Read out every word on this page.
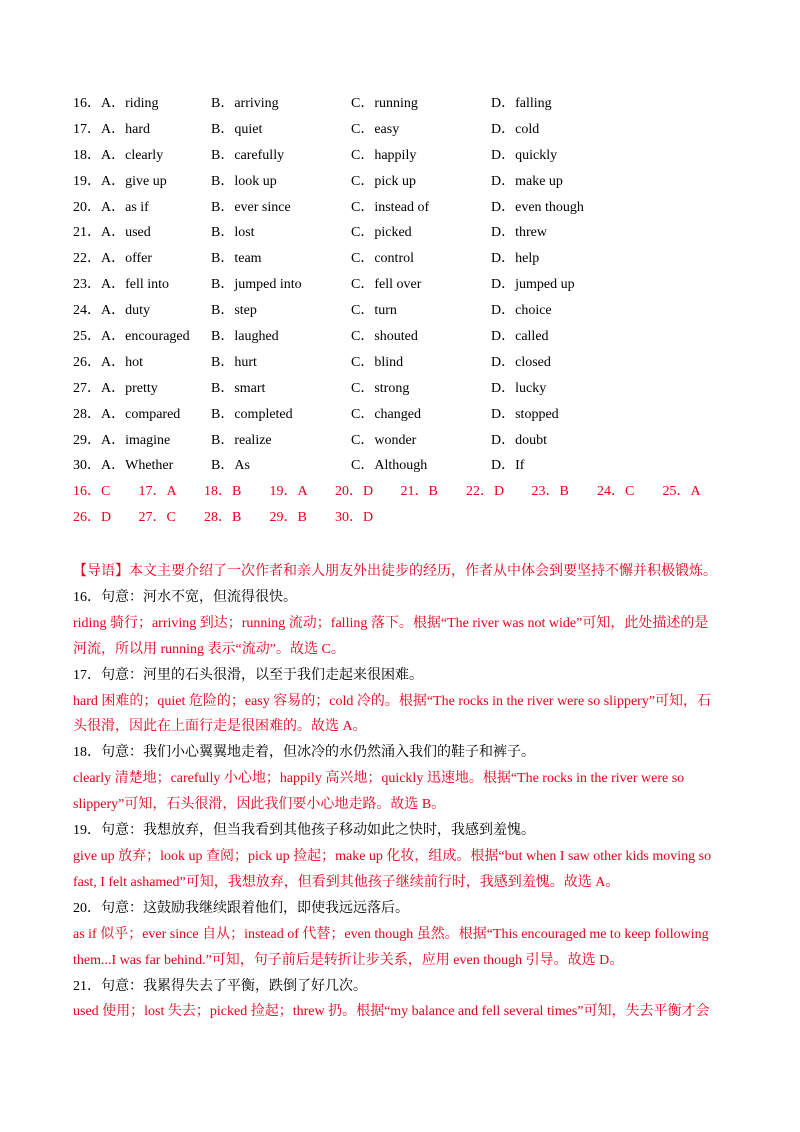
16．A．riding	B．arriving	C．running	D．falling
17．A．hard	B．quiet	C．easy	D．cold
18．A．clearly	B．carefully	C．happily	D．quickly
19．A．give up	B．look up	C．pick up	D．make up
20．A．as if	B．ever since	C．instead of	D．even though
21．A．used	B．lost	C．picked	D．threw
22．A．offer	B．team	C．control	D．help
23．A．fell into	B．jumped into	C．fell over	D．jumped up
24．A．duty	B．step	C．turn	D．choice
25．A．encouraged B．laughed	C．shouted	D．called
26．A．hot	B．hurt	C．blind	D．closed
27．A．pretty	B．smart	C．strong	D．lucky
28．A．compared B．completed	C．changed	D．stopped
29．A．imagine	B．realize	C．wonder	D．doubt
30．A．Whether	B．As	C．Although	D．If
16．C 17．A 18．B 19．A 20．D 21．B 22．D 23．B 24．C 25．A
26．D 27．C 28．B 29．B 30．D

【导语】本文主要介绍了一次作者和亲人朋友外出徒步的经历，作者从中体会到要坚持不懈并积极锻炼。

16．句意：河水不宽，但流得很快。

riding 骑行；arriving 到达；running 流动；falling 落下。根据“The river was not wide”可知，此处描述的是

河流，所以用 running 表示“流动”。故选 C。

17．句意：河里的石头很滑，以至于我们走起来很困难。

hard 困难的；quiet 危险的；easy 容易的；cold 冷的。根据“The rocks in the river were so slippery”可知，石

头很滑，因此在上面行走是很困难的。故选 A。

18．句意：我们小心翼翼地走着，但冰冷的水仍然涌入我们的鞋子和裤子。

clearly 清楚地；carefully 小心地；happily 高兴地；quickly 迅速地。根据“The rocks in the river were so

slippery”可知，石头很滑，因此我们要小心地走路。故选 B。

19．句意：我想放弃，但当我看到其他孩子移动如此之快时，我感到羞愧。

give up 放弃；look up 查阅；pick up 捡起；make up 化妆，组成。根据“but when I saw other kids moving so

fast, I felt ashamed”可知，我想放弃，但看到其他孩子继续前行时，我感到羞愧。故选 A。

20．句意：这鼓励我继续跟着他们，即使我远远落后。

as if 似乎；ever since 自从；instead of 代替；even though 虽然。根据“This encouraged me to keep following

them...I was far behind.”可知，句子前后是转折让步关系，应用 even though 引导。故选 D。

21．句意：我累得失去了平衡，跌倒了好几次。

used 使用；lost 失去；picked 捡起；threw 扔。根据“my balance and fell several times”可知，失去平衡才会
